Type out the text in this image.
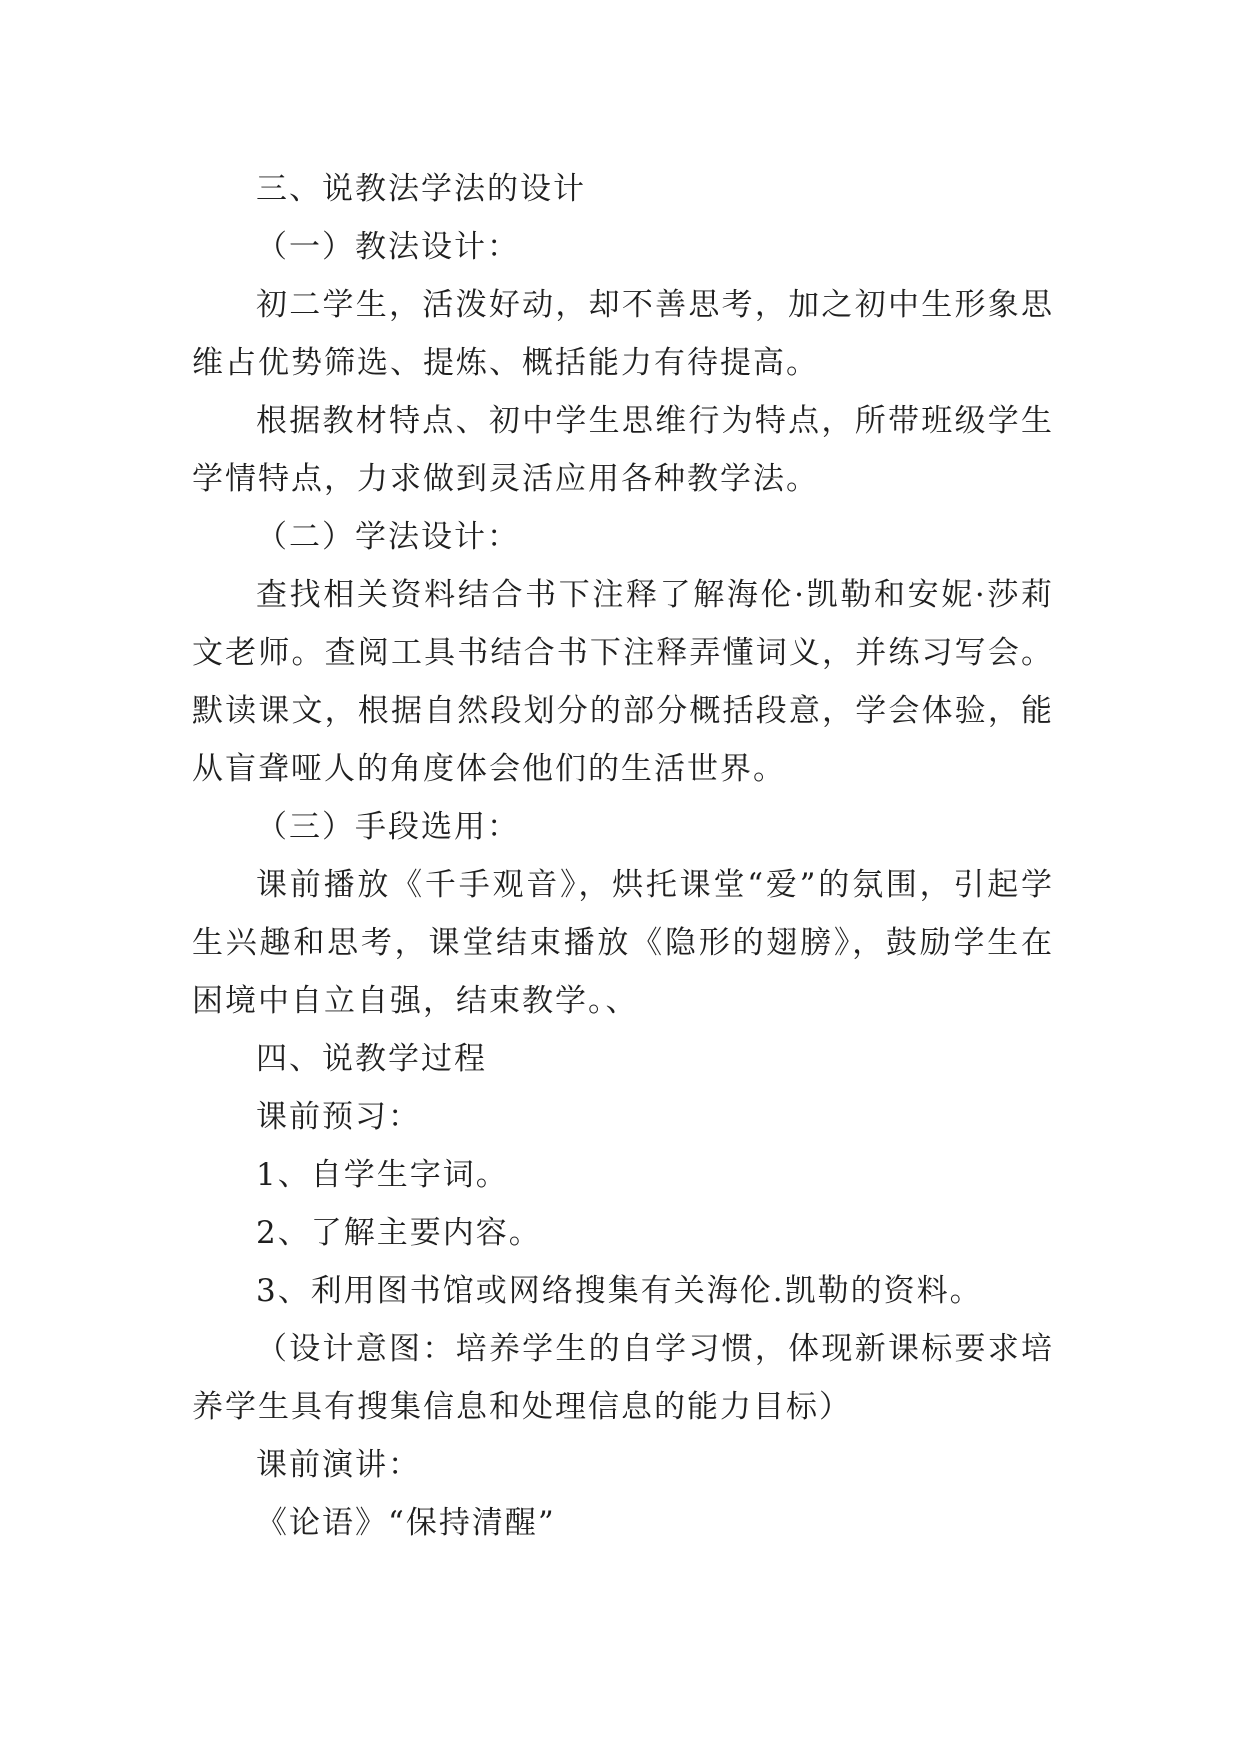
三、说教法学法的设计

（一）教法设计：

初二学生，活泼好动，却不善思考，加之初中生形象思维占优势筛选、提炼、概括能力有待提高。

根据教材特点、初中学生思维行为特点，所带班级学生学情特点，力求做到灵活应用各种教学法。

（二）学法设计：

查找相关资料结合书下注释了解海伦·凯勒和安妮·莎莉文老师。查阅工具书结合书下注释弄懂词义，并练习写会。默读课文，根据自然段划分的部分概括段意，学会体验，能从盲聋哑人的角度体会他们的生活世界。

（三）手段选用：

课前播放《千手观音》，烘托课堂“爱”的氛围，引起学生兴趣和思考，课堂结束播放《隐形的翅膀》，鼓励学生在困境中自立自强，结束教学。、

四、说教学过程

课前预习：

1、自学生字词。

2、了解主要内容。

3、利用图书馆或网络搜集有关海伦.凯勒的资料。

（设计意图：培养学生的自学习惯，体现新课标要求培养学生具有搜集信息和处理信息的能力目标）

课前演讲：

《论语》“保持清醒”
